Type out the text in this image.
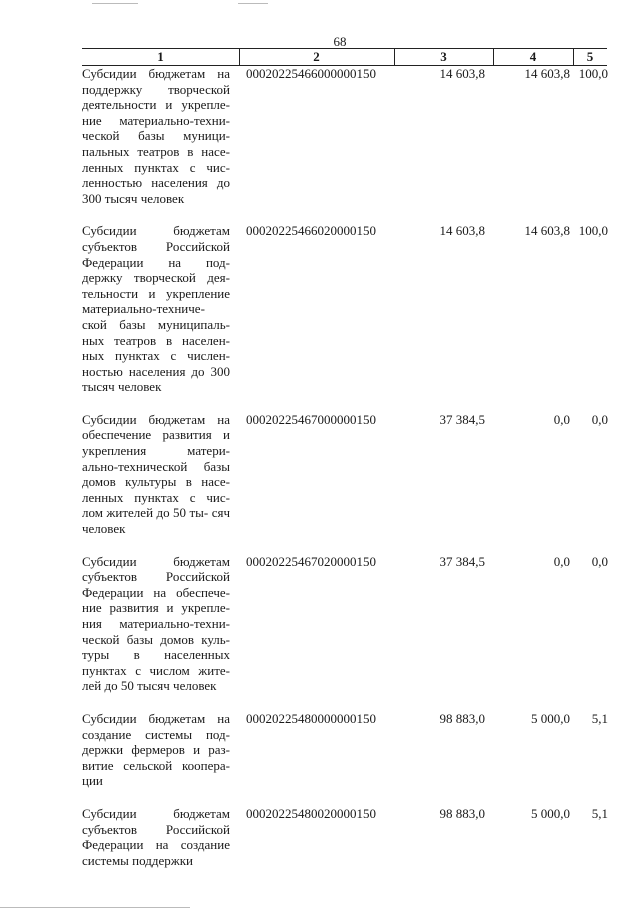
68
1	2	3	4	5
Субсидии бюджетам на поддержку творческой деятельности и укрепле- ние материально-техни- ческой базы муници- пальных театров в насе- ленных пунктах с чис- ленностью населения до 300 тысяч человек
00020225466000000150	14 603,8	14 603,8 100,0
Субсидии бюджетам субъектов Российской Федерации на под- держку творческой дея- тельности и укрепление материально-техниче- ской базы муниципаль- ных театров в населен- ных пунктах с числен- ностью населения до 300 тысяч человек
00020225466020000150	14 603,8	14 603,8 100,0
Субсидии бюджетам на обеспечение развития и укрепления матери- ально-технической базы домов культуры в насе- ленных пунктах с чис- лом жителей до 50 ты- сяч человек
00020225467000000150	37 384,5	0,0	0,0
Субсидии бюджетам субъектов Российской Федерации на обеспече- ние развития и укрепле- ния материально-техни- ческой базы домов куль- туры в населенных пунктах с числом жите- лей до 50 тысяч человек
00020225467020000150	37 384,5	0,0	0,0
Субсидии бюджетам на создание системы под- держки фермеров и раз- витие сельской коопера- ции
00020225480000000150	98 883,0	5 000,0	5,1
Субсидии бюджетам субъектов Российской Федерации на создание системы поддержки
00020225480020000150	98 883,0	5 000,0	5,1
